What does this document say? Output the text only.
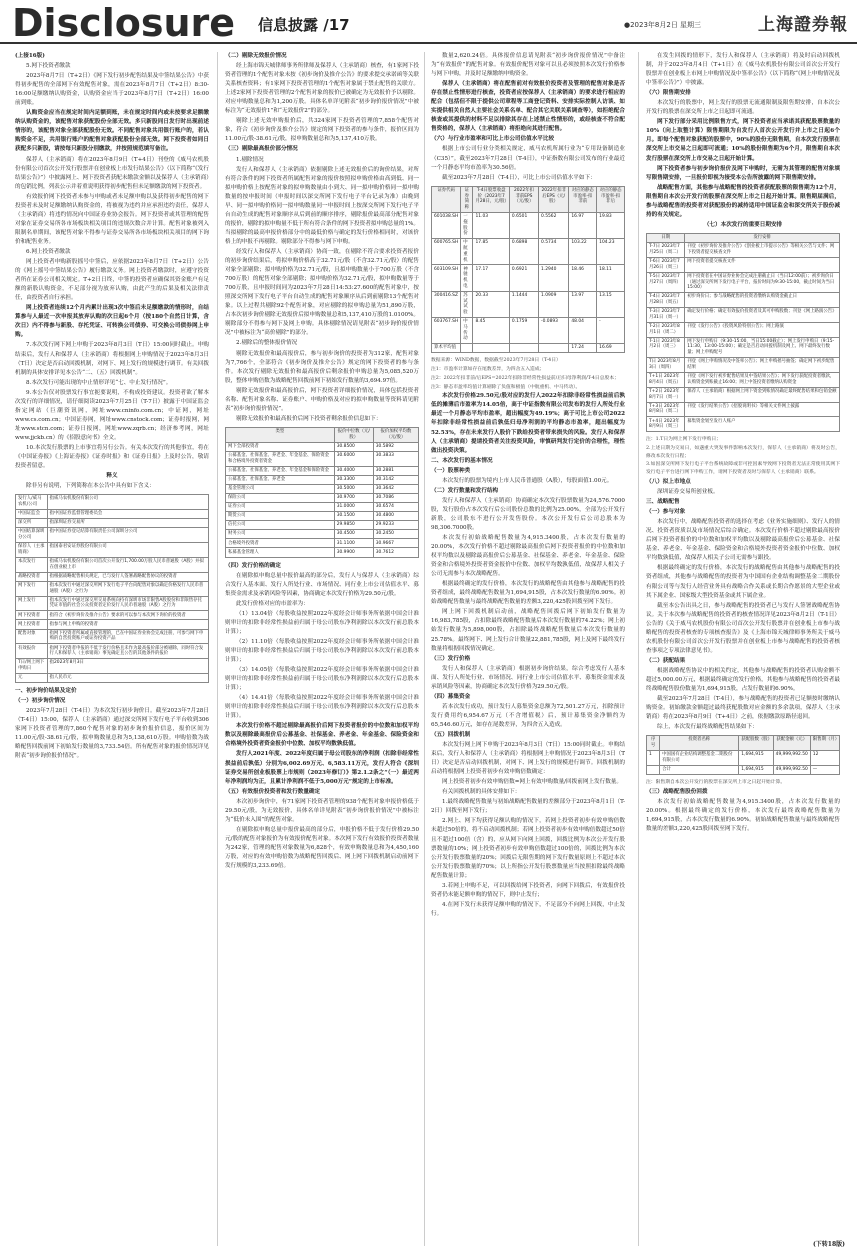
Disclosure 信息披露 /17	●2023年8月2日 星期三	上海證券報

(上接16版)

5.网下投资者缴款

2023年8月7日（T+2日）《网下发行初步配售结果及中签结果公告》中获得初步配售的全部网下有效配售对象，需在2023年8月7日（T+2日）8:30-16:00足额缴纳认购资金，认购资金应当于2023年8月7日（T+2日）16:00前到账。

认购资金应当在规定时间内足额到账，未在规定时间内或未按要求足额缴纳认购资金的，该配售对象获配股份全部无效。多只新股同日发行时出现前述情形的，该配售对象全部获配股份无效。不同配售对象共用银行账户的，若认购资金不足，共用银行账户的配售对象获配股份全部无效。网下投资者如同日获配多只新股，请按每只新股分别缴款，并按照规范填写备注。

保荐人（主承销商）将在2023年8月9日（T+4日）刊登的《威马农机股份有限公司首次公开发行股票并在创业板上市发行结果公告》（以下简称“《发行结果公告》”）中披露网上、网下投资者获配未缴款金额以及保荐人（主承销商）的包销比例，列表公示并着重说明获得初步配售但未足额缴款的网下投资者。

有效报价网下投资者未参与申购或者未足额申购以及获得初步配售的网下投资者未及时足额缴纳认购资金的，将被视为违约并应承担违约责任，保荐人（主承销商）将违约情况向中国证券业协会报告。网下投资者或其管理的配售对象在证券交易所各市场板块相关项目的违规次数合并计算。配售对象被列入限制名单期间，该配售对象不得参与证券交易所各市场板块相关项目的网下询价和配售业务。

6.网上投资者缴款

网上投资者申购新股摇号中签后，应依据2023年8月7日（T+2日）公告的《网上摇号中签结果公告》履行缴款义务。网上投资者缴款时，应遵守投资者所在证券公司相关规定。T+2日日终，中签的投资者应确保其资金账户有足额的新股认购资金，不足部分视为放弃认购，由此产生的后果及相关法律责任，由投资者自行承担。

网上投资者连续12个月内累计出现3次中签后未足额缴款的情形时，自结算参与人最近一次申报其放弃认购的次日起6个月（按180个自然日计算，含次日）内不得参与新股、存托凭证、可转换公司债券、可交换公司债券网上申购。

7.本次发行网下网上申购于2023年8月3日（T日）15:00同时截止。申购结束后，发行人和保荐人（主承销商）将根据网上申购情况于2023年8月3日（T日）决定是否启动回拨机制，对网下、网上发行的规模进行调节。有关回拨机制的具体安排详见本公告“二、（五）回拨机制”。

8.本次发行可能出现的中止情形详见“七、中止发行情况”。

9.本公告仅对股票发行事宜扼要说明，不构成投资建议。投资者欲了解本次发行的详细情况，请仔细阅读2023年7月25日（T-7日）披露于中国证监会指定网站（巨潮资讯网，网址www.cninfo.com.cn；中证网，网址www.cs.com.cn；中国证券网，网址www.cnstock.com；证券时报网，网址www.stcn.com；证券日报网，网址www.zqrb.cn；经济参考网，网址www.jjckb.cn）的《招股意向书》全文。

10.本次发行股票的上市事宜将另行公告。有关本次发行的其他事宜，将在《中国证券报》《上海证券报》《证券时报》和《证券日报》上及时公告，敬请投资者留意。

释义

除非另有说明，下列简称在本公告中具有如下含义：

发行人/威马农机/公司	指威马农机股份有限公司
中国证监会	指中国证券监督管理委员会
深交所	指深圳证券交易所
中国结算深圳分公司	指中国证券登记结算有限责任公司深圳分公司
保荐人（主承销商）	指国泰君安证券股份有限公司
本次发行	指威马农机股份有限公司首次公开发行1,700.00万股人民币普通股（A股）并拟在创业板上市
战略投资者	指根据战略配售相关规定，已与发行人签署战略配售协议的投资者
网下发行	指本次发行中通过深交所网下发行电子平台向配售对象以确定价格发行人民币普通股（A股）之行为
网上发行	指本次发行中通过深交所交易系统向持有深圳市场非限售A股股份和非限售存托凭证市值的社会公众投资者定价发行人民币普通股（A股）之行为
网下投资者	指符合《初步询价及推介公告》要求的可以参与本次网下询价的投资者
网上投资者	指参与网上申购的投资者
配售对象	指网下投资者所属或直接管理的，已在中国证券业协会完成注册，可参与网下申购的自营投资账户或证券投资产品
有效报价	指网下投资者申报的不低于发行价格且未作为最高报价部分被剔除，同时符合发行人和保荐人（主承销商）事先确定且公告的其他条件的报价
T日/网上网下申购日	指2023年8月3日
元	指人民币元

一、初步询价结果及定价

（一）初步询价情况

2023年7月28日（T-4日）为本次发行初步询价日。截至2023年7月28日（T-4日）15:00，保荐人（主承销商）通过深交所网下发行电子平台收到306家网下投资者管理的7,860个配售对象的初步询价报价信息，报价区间为11.00元/股-38.61元/股，拟申购数量总和为5,138,610万股。申购倍数为战略配售回拨前网下初始发行数量的3,733.54倍。所有配售对象的报价情况详见附表“初步询价报价情况”。

（二）剔除无效报价情况

经上海市锦天城律师事务所律师及保荐人（主承销商）核查，有1家网下投资者管理的1个配售对象未按《初步询价及推介公告》的要求提交承诺函等关联关系核查资料；有1家网下投资者管理的1个配售对象属于禁止配售的关联方。上述2家网下投资者管理的2个配售对象的报价已被确定为无效报价予以剔除。对应申购数量总和为1,200万股。具体名单详见附表“初步询价报价情况”中被标注为“无效报价1”和“无效报价2”的部分。

剔除上述无效申购报价后，共324家网下投资者管理的7,858个配售对象，符合《初步询价及推介公告》规定的网下投资者的参与条件，报价区间为11.00元/股-38.61元/股，拟申购数量总和为5,137,410万股。

（三）剔除最高报价部分情况

1.剔除情况

发行人和保荐人（主承销商）依据剔除上述无效报价后的询价结果，对所有符合条件的网下投资者所属配售对象的报价按照拟申购价格由高到低、同一拟申购价格上按配售对象的拟申购数量由小到大、同一拟申购价格同一拟申购数量的按申报时间（申报时间以深交所网下发行电子平台记录为准）由晚到早、同一拟申购价格同一拟申购数量同一申报时间上按深交所网下发行电子平台自动生成的配售对象顺序从后到前的顺序排序，剔除报价最高部分配售对象的报价，剔除的拟申购量不低于所有符合条件的网下投资者拟申购总量的1%。当拟剔除的最高申报价格部分中的最低价格与确定的发行价格相同时，对该价格上的申报不再剔除。剔除部分不得参与网下申购。

经发行人和保荐人（主承销商）协商一致，在剔除不符合要求投资者报价的初步询价结果后，将拟申购价格高于32.71元/股（不含32.71元/股）的配售对象全部剔除；拟申购价格为32.71元/股，且拟申购数量小于700万股（不含700万股）的配售对象全部剔除；拟申购价格为32.71元/股，拟申购数量等于700万股，且申报时间同为2023年7月28日14:53:27.600的配售对象中，按照深交所网下发行电子平台自动生成的配售对象顺序从后到前剔除13个配售对象。以上过程共剔除92个配售对象，对应剔除的拟申购总量为51,890万股，占本次初步询价剔除无效报价后拟申购数量总和5,137,410万股的1.0100%。剔除部分不得参与网下及网上申购。具体剔除情况请见附表“初步询价报价情况”中被标注为“高价剔除”的部分。

2.剔除后的整体报价情况

剔除无效报价和最高报价后，参与初步询价的投资者为312家，配售对象为7,766个，全部符合《初步询价及推介公告》规定的网下投资者的参与条件。本次发行剔除无效报价和最高报价后剩余报价申购总量为5,085,520万股，整体申购倍数为战略配售回拨前网下初始发行数量的3,694.97倍。

剔除无效报价和最高报价后，网下投资者详细报价情况，具体包括投资者名称、配售对象名称、证券账户、申购价格及对应的拟申购数量等资料请见附表“初步询价报价情况”。

剔除无效报价和最高报价后网下投资者剩余报价信息如下：

类型	报价中位数（元/股）	报价加权平均数（元/股）
网下全部投资者	30.8500	30.5892
公募基金、社保基金、养老金、年金基金、保险资金和合格境外投资者资金	30.6000	30.3833
公募基金、社保基金、养老金、年金基金和保险资金	30.4000	30.2881
公募基金、社保基金、养老金	30.3300	30.3142
基金管理公司	30.5000	30.3642
保险公司	30.9700	30.7086
证券公司	31.0000	30.6574
期货公司	30.1500	30.4800
信托公司	29.9850	29.9233
财务公司	30.4500	30.2450
合格境外投资者	31.1100	30.9667
私募基金管理人	30.9900	30.7612

（四）发行价格的确定

在剔除拟申购总量中报价最高的部分后，发行人与保荐人（主承销商）综合发行人基本面、发行人所处行业、市场情况、同行业上市公司估值水平、募集资金需求及承销风险等因素，协商确定本次发行价格为29.50元/股。

此发行价格对应的市盈率为：

（1）13.04倍（每股收益按照2022年度经会计师事务所依据中国会计准则审计的扣除非经常性损益前归属于母公司股东净利润除以本次发行前总股本计算）；

（2）11.10倍（每股收益按照2022年度经会计师事务所依据中国会计准则审计的扣除非经常性损益后归属于母公司股东净利润除以本次发行前总股本计算）；

（3）14.05倍（每股收益按照2022年度经会计师事务所依据中国会计准则审计的扣除非经常性损益前归属于母公司股东净利润除以本次发行后总股本计算）；

（4）14.41倍（每股收益按照2022年度经会计师事务所依据中国会计准则审计的扣除非经常性损益后归属于母公司股东净利润除以本次发行后总股本计算）。

本次发行价格不超过剔除最高报价后网下投资者报价的中位数和加权平均数以及剔除最高报价后公募基金、社保基金、养老金、年金基金、保险资金和合格境外投资者资金报价中位数、加权平均数孰低值。

发行人2021年度、2022年度归属于母公司股东的净利润（扣除非经常性损益前后孰低）分别为6,002.69万元、6,583.11万元，发行人符合《深圳证券交易所创业板股票上市规则（2023年修订）》第2.1.2条之“（一）最近两年净利润均为正，且累计净利润不低于5,000万元”规定的上市标准。

（五）有效报价投资者和发行数量确定

本次初步询价中，有71家网下投资者管理的938个配售对象申报价格低于29.50元/股，为无效报价，具体名单详见附表“初步询价报价情况”中被标注为“低价未入围”的配售对象。

在剔除拟申购总量中报价最高的部分后，申报价格不低于发行价格29.50元/股的配售对象报价为有效报价配售对象。本次网下发行有效报价投资者数量为242家，管理的配售对象数量为6,828个，有效申购数量总和为4,450,160万股，对应的有效申购倍数为战略配售回拨后、网上网下回拨机制启动前网下发行规模的3,233.69倍。

数量2,620.24倍。具体报价信息请见附表“初步询价报价情况”中备注为“有效报价”的配售对象。有效报价配售对象可以且必须按照本次发行价格参与网下申购，并及时足额缴纳申购资金。

保荐人（主承销商）将在配售前对有效报价投资者及管理的配售对象是否存在禁止性情形进行核查，投资者应按保荐人（主承销商）的要求进行相应的配合（包括但不限于提供公司章程等工商登记资料、安排实际控制人访谈、如实提供相关自然人主要社会关系名单、配合其它关联关系调查等），如拒绝配合核查或其提供的材料不足以排除其存在上述禁止性情形的，或经核查不符合配售资格的，保荐人（主承销商）将拒绝向其进行配售。

（六）与行业市盈率和可比上市公司估值水平比较

根据上市公司行业分类相关规定，威马农机所属行业为“专用设备制造业（C35）”。截至2023年7月28日（T-4日），中证指数有限公司发布的行业最近一个月静态平均市盈率为30.56倍。

截至2023年7月28日（T-4日），可比上市公司估值水平如下：

证券代码	证券简称	T-4日股票收盘价（2023年7月28日，元/股）	2022年扣非前EPS（元/股）	2022年扣非后EPS（元/股）	对应的静态市盈率-扣非前	对应的静态市盈率-扣非后
601038.SH	一拖股份	11.03	0.6501	0.5562	16.97	19.83
600765.SH	中航重机	17.85	0.6898	0.5734	103.22	104.23
603109.SH	神驰机电	17.17	0.6921	1.2940	18.46	18.11
300416.SZ	苏试试验	20.33	1.1444	1.0909	13.97	13.15
603767.SH	中马传动	8.45	0.1759	-0.0893	48.04	-
算术平均值					17.24	16.69

数据来源：WIND数据，数据截至2023年7月28日（T-4日）

注1：市盈率计算如存在尾数差异，为四舍五入造成；

注2：2022年扣非前/后EPS=2022年扣除非经常性损益前/后归母净利润/T-4日总股本；

注3：静态市盈率均值计算剔除了负值和极值（中航重机、中马传动）。

本次发行价格29.50元/股对应的发行人2022年扣除非经常性损益前后孰低的摊薄后市盈率为14.05倍，高于中证指数有限公司发布的发行人所处行业最近一个月静态平均市盈率，超出幅度为49.19%；高于可比上市公司2022年扣除非经常性损益前后孰低归母净利润的平均静态市盈率，超出幅度为52.53%，存在未来发行人股价下跌给投资者带来损失的风险。发行人和保荐人（主承销商）提请投资者关注投资风险，审慎研判发行定价的合理性，理性做出投资决策。

二、本次发行的基本情况

（一）股票种类

本次发行的股票为境内上市人民币普通股（A股），每股面值1.00元。

（二）发行数量和发行结构

发行人和保荐人（主承销商）协商确定本次发行股票数量为24,576.7000股，发行股份占本次发行后公司股份总数的比例为25.00%，全部为公开发行新股，公司股东不进行公开发售股份。本次公开发行后公司总股本为98,306.7000股。

本次发行初始战略配售数量为4,915.3400股，占本次发行数量的20.00%，本次发行价格不超过剔除最高报价后网下投资者报价的中位数和加权平均数以及剔除最高报价后公募基金、社保基金、养老金、年金基金、保险资金和合格境外投资者资金报价中位数、加权平均数孰低值，故保荐人相关子公司无需参与本次战略配售。

根据最终确定的发行价格，本次发行的战略配售由其他参与战略配售的投资者组成，最终战略配售数量为1,694,915股，占本次发行数量的6.90%。初始战略配售数量与最终战略配售数量的差额3,220,425股回拨至网下发行。

网上网下回拨机制启动前，战略配售回拨后网下初始发行数量为16,983,785股，占扣除最终战略配售数量后本次发行数量的74.22%；网上初始发行数量为5,898,000股，占扣除最终战略配售数量后本次发行数量的25.78%。最终网下、网上发行合计数量22,881,785股，网上及网下最终发行数量将根据回拨情况确定。

（三）发行价格

发行人和保荐人（主承销商）根据初步询价结果，综合考虑发行人基本面、发行人所处行业、市场情况、同行业上市公司估值水平、募集资金需求及承销风险等因素，协商确定本次发行价格为29.50元/股。

（四）募集资金

若本次发行成功，预计发行人募集资金总额为72,501.27万元，扣除预计发行费用约6,954.67万元（不含增值税）后，预计募集资金净额约为65,546.60万元，如存在尾数差异，为四舍五入造成。

（五）回拨机制

本次发行网上网下申购于2023年8月3日（T日）15:00同时截止。申购结束后，发行人和保荐人（主承销商）将根据网上申购情况于2023年8月3日（T日）决定是否启动回拨机制，对网下、网上发行的规模进行调节。回拨机制的启动将根据网上投资者初步有效申购倍数确定：

网上投资者初步有效申购倍数=网上有效申购数量/回拨前网上发行数量。

有关回拨机制的具体安排如下：

1.最终战略配售数量与初始战略配售数量的差额部分于2023年8月1日（T-2日）回拨至网下发行；

2.网上、网下均获得足额认购的情况下，若网上投资者初步有效申购倍数未超过50倍的，将不启动回拨机制；若网上投资者初步有效申购倍数超过50倍且不超过100倍（含）的，应从网下向网上回拨，回拨比例为本次公开发行股票数量的10%；网上投资者初步有效申购倍数超过100倍的，回拨比例为本次公开发行股票数量的20%；回拨后无限售期的网下发行数量原则上不超过本次公开发行股票数量的70%；以上所指公开发行股票数量应当按照扣除最终战略配售数量计算；

3.若网上申购不足，可以回拨给网下投资者，向网下回拨后，有效报价投资者仍未能足额申购的情况下，则中止发行；

4.在网下发行未获得足额申购的情况下，不足部分不向网上回拨，中止发行。

在发生回拨的情形下，发行人和保荐人（主承销商）将及时启动回拨机制，并于2023年8月4日（T+1日）在《威马农机股份有限公司首次公开发行股票并在创业板上市网上申购情况及中签率公告》（以下简称“《网上申购情况及中签率公告》”）中披露。

（六）限售期安排

本次发行的股票中，网上发行的股票无流通限制及限售期安排，自本次公开发行的股票在深交所上市之日起即可流通。

网下发行部分采用比例限售方式，网下投资者应当承诺其获配股票数量的10%（向上取整计算）限售期限为自发行人首次公开发行并上市之日起6个月。即每个配售对象获配的股票中，90%的股份无限售期，自本次发行股票在深交所上市交易之日起即可流通；10%的股份限售期为6个月，限售期自本次发行股票在深交所上市交易之日起开始计算。

网下投资者参与初步询价报价及网下申购时，无需为其管理的配售对象填写限售期安排，一旦报价即视为接受本公告所披露的网下限售期安排。

战略配售方面，其他参与战略配售的投资者获配股票的限售期为12个月，限售期自本次公开发行的股票在深交所上市之日起开始计算。限售期届满后，参与战略配售的投资者对获配股份的减持适用中国证监会和深交所关于股份减持的有关规定。

（七）本次发行的重要日期安排

日期	发行安排
T-7日 2023年7月25日（周二）	刊登《初步询价及推介公告》《创业板上市提示公告》等相关公告与文件；网下投资者提交核查文件
T-6日 2023年7月26日（周三）	网下投资者提交核查文件
T-5日 2023年7月27日（周四）	网下投资者在中国证券业协会完成注册截止日（当日12:00前）；初步询价日（通过深交所网下发行电子平台，报价时间为9:30-15:00，截止时间为当日15:00）
T-4日 2023年7月28日（周五）	初步询价日；参与战略配售的投资者缴纳认购资金截止日
T-3日 2023年7月31日（周一）	确定发行价格；确定有效报价投资者及其可申购股数；刊登《网上路演公告》
T-2日 2023年8月1日（周二）	刊登《发行公告》《投资风险特别公告》；网上路演
T-1日 2023年8月2日（周三）	网下发行申购日（9:30-15:00，当日15:00截止）；网上发行申购日（9:15-11:30，13:00-15:00）；确定是否启动回拨机制及网上、网下最终发行数量；网上申购配号
T日 2023年8月3日（周四）	刊登《网上申购情况及中签率公告》；网上申购摇号抽签；确定网下初步配售结果
T+1日 2023年8月4日（周五）	刊登《网下发行初步配售结果及中签结果公告》；网下发行获配投资者缴款，认购资金到账截止16:00；网上中签投资者缴纳认购资金
T+2日 2023年8月7日（周一）	保荐人（主承销商）根据网上网下资金到账情况确定最终配售结果和包销金额
T+3日 2023年8月8日（周二）	刊登《发行结果公告》《招股说明书》等相关文件网上披露
T+4日 2023年8月9日（周三）	募集资金划至发行人账户

注：1.T日为网上网下发行申购日；

2.上述日期为交易日，如遇重大突发事件影响本次发行，保荐人（主承销商）将及时公告，修改本次发行日程；

3.如因深交所网下发行电子平台系统故障或非可控因素导致网下投资者无法正常使用其网下发行电子平台进行网下申购工作，请网下投资者及时与保荐人（主承销商）联系。

（八）拟上市地点

深圳证券交易所创业板。

三、战略配售

（一）参与对象

本次发行中，战略配售投资者的选择在考虑《业务实施细则》、发行人的情况、投资者资质以及市场情况后综合确定。本次发行价格不超过剔除最高报价后网下投资者报价的中位数和加权平均数以及剔除最高报价后公募基金、社保基金、养老金、年金基金、保险资金和合格境外投资者资金报价中位数、加权平均数孰低值，故保荐人相关子公司无需参与跟投。

根据最终确定的发行价格，本次发行的战略配售由其他参与战略配售的投资者组成，其他参与战略配售的投资者为中国国有企业结构调整基金二期股份有限公司等与发行人经营业务具有战略合作关系或长期合作愿景的大型企业或其下属企业、国家级大型投资基金或其下属企业。

截至本公告出具之日，参与战略配售的投资者已与发行人签署战略配售协议。关于本次参与战略配售的投资者的核查情况详见2023年8月2日（T-1日）公告的《关于威马农机股份有限公司首次公开发行股票并在创业板上市参与战略配售的投资者核查的专项核查报告》及《上海市锦天城律师事务所关于威马农机股份有限公司首次公开发行股票并在创业板上市参与战略配售的投资者核查事项之专项法律意见书》。

（二）获配结果

根据战略配售协议中的相关约定，其他参与战略配售的投资者认购金额不超过5,000.00万元，根据最终确定的发行价格，其他参与战略配售的投资者最终战略配售股份数量为1,694,915股，占发行数量的6.90%。

截至2023年7月28日（T-4日），参与战略配售的投资者已足额按时缴纳认购资金。初始缴款金额超过最终获配股数对应金额的多余款项，保荐人（主承销商）将在2023年8月9日（T+4日）之前，依据缴款原路径退回。

综上，本次发行最终战略配售结果如下：

序号	投资者名称	获配股数（股）	获配金额（元）	限售期（月）
1	中国国有企业结构调整基金二期股份有限公司	1,694,915	49,999,992.50	12
	合计	1,694,915	49,999,992.50	—

注：限售期自本次公开发行的股票在深交所上市之日起开始计算。

（三）战略配售股份回拨

本次发行初始战略配售数量为4,915.3400股，占本次发行数量的20.00%。根据最终确定的发行价格，本次发行最终战略配售数量为1,694,915股，占本次发行数量的6.90%。初始战略配售数量与最终战略配售数量的差额3,220,425股回拨至网下发行。

(下转18版)
